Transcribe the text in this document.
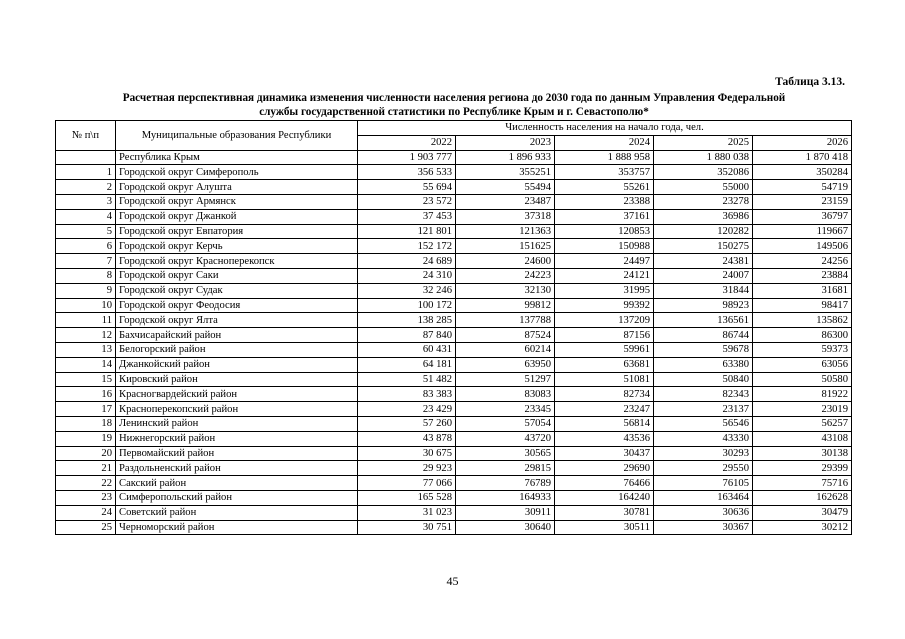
Таблица 3.13.
Расчетная перспективная динамика изменения численности населения региона до 2030 года по данным Управления Федеральной
службы государственной статистики по Республике Крым и г. Севастополю*
№ п\п	Муниципальные образования Республики	Численность населения на начало года, чел.				
		2022	2023	2024	2025	2026
	Республика Крым	1 903 777	1 896 933	1 888 958	1 880 038	1 870 418
1	Городской округ Симферополь	356 533	355251	353757	352086	350284
2	Городской округ Алушта	55 694	55494	55261	55000	54719
3	Городской округ Армянск	23 572	23487	23388	23278	23159
4	Городской округ Джанкой	37 453	37318	37161	36986	36797
5	Городской округ Евпатория	121 801	121363	120853	120282	119667
6	Городской округ Керчь	152 172	151625	150988	150275	149506
7	Городской округ Красноперекопск	24 689	24600	24497	24381	24256
8	Городской округ Саки	24 310	24223	24121	24007	23884
9	Городской округ Судак	32 246	32130	31995	31844	31681
10	Городской округ Феодосия	100 172	99812	99392	98923	98417
11	Городской округ Ялта	138 285	137788	137209	136561	135862
12	Бахчисарайский район	87 840	87524	87156	86744	86300
13	Белогорский район	60 431	60214	59961	59678	59373
14	Джанкойский район	64 181	63950	63681	63380	63056
15	Кировский район	51 482	51297	51081	50840	50580
16	Красногвардейский район	83 383	83083	82734	82343	81922
17	Красноперекопский район	23 429	23345	23247	23137	23019
18	Ленинский район	57 260	57054	56814	56546	56257
19	Нижнегорский район	43 878	43720	43536	43330	43108
20	Первомайский район	30 675	30565	30437	30293	30138
21	Раздольненский район	29 923	29815	29690	29550	29399
22	Сакский район	77 066	76789	76466	76105	75716
23	Симферопольский район	165 528	164933	164240	163464	162628
24	Советский район	31 023	30911	30781	30636	30479
25	Черноморский район	30 751	30640	30511	30367	30212
45
